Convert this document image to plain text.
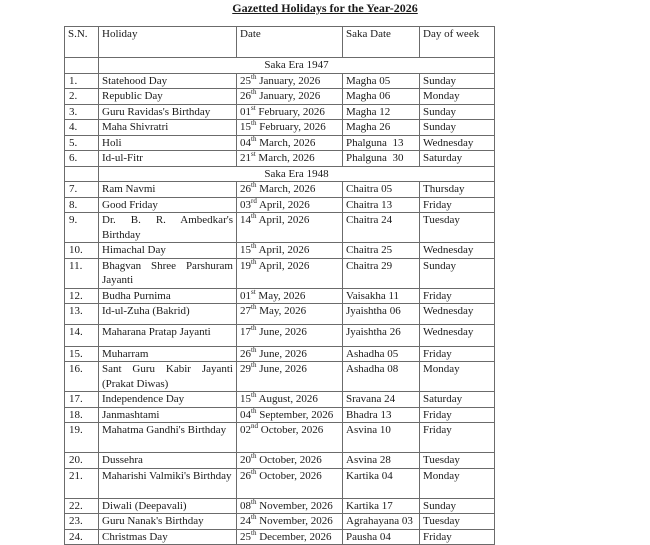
Gazetted Holidays for the Year-2026
S.N.	Holiday	Date	Saka Date	Day of week
	Saka Era 1947			
1.	Statehood Day	25th January, 2026	Magha 05	Sunday
2.	Republic Day	26th January, 2026	Magha 06	Monday
3.	Guru Ravidas's Birthday	01st February, 2026	Magha 12	Sunday
4.	Maha Shivratri	15th February, 2026	Magha 26	Sunday
5.	Holi	04th March, 2026	Phalguna  13	Wednesday
6.	Id-ul-Fitr	21st March, 2026	Phalguna  30	Saturday
	Saka Era 1948			
7.	Ram Navmi	26th March, 2026	Chaitra 05	Thursday
8.	Good Friday	03rd April, 2026	Chaitra 13	Friday
9.	Dr. B. R. Ambedkar's Birthday	14th April, 2026	Chaitra 24	Tuesday
10.	Himachal Day	15th April, 2026	Chaitra 25	Wednesday
11.	Bhagvan Shree Parshuram Jayanti	19th April, 2026	Chaitra 29	Sunday
12.	Budha Purnima	01st May, 2026	Vaisakha 11	Friday
13.	Id-ul-Zuha (Bakrid)	27th May, 2026	Jyaishtha 06	Wednesday
14.	Maharana Pratap Jayanti	17th June, 2026	Jyaishtha 26	Wednesday
15.	Muharram	26th June, 2026	Ashadha 05	Friday
16.	Sant Guru Kabir Jayanti (Prakat Diwas)	29th June, 2026	Ashadha 08	Monday
17.	Independence Day	15th August, 2026	Sravana 24	Saturday
18.	Janmashtami	04th September, 2026	Bhadra 13	Friday
19.	Mahatma Gandhi's Birthday	02nd October, 2026	Asvina 10	Friday
20.	Dussehra	20th October, 2026	Asvina 28	Tuesday
21.	Maharishi Valmiki's Birthday	26th October, 2026	Kartika 04	Monday
22.	Diwali (Deepavali)	08th November, 2026	Kartika 17	Sunday
23.	Guru Nanak's Birthday	24th November, 2026	Agrahayana 03	Tuesday
24.	Christmas Day	25th December, 2026	Pausha 04	Friday
